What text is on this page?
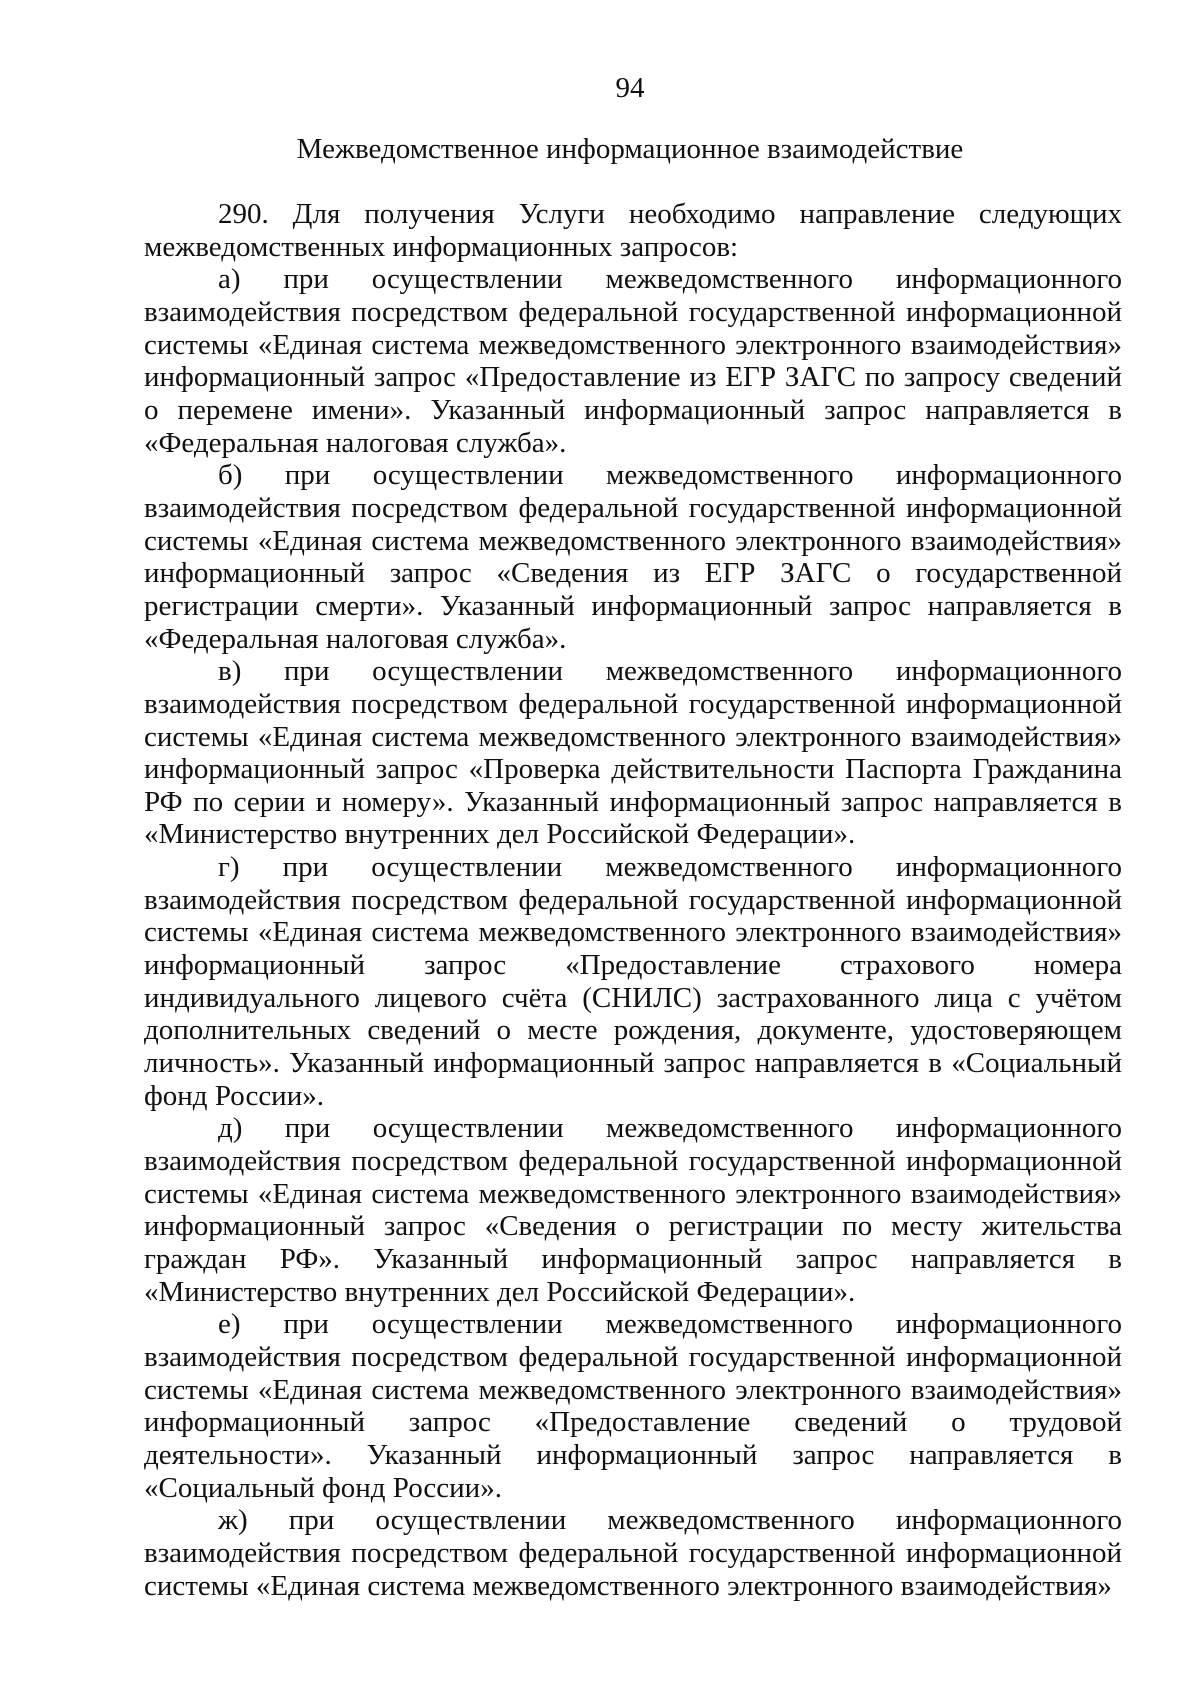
94
Межведомственное информационное взаимодействие

290. Для получения Услуги необходимо направление следующих межведомственных информационных запросов:

а) при осуществлении межведомственного информационного взаимодействия посредством федеральной государственной информационной системы «Единая система межведомственного электронного взаимодействия» информационный запрос «Предоставление из ЕГР ЗАГС по запросу сведений о перемене имени». Указанный информационный запрос направляется в «Федеральная налоговая служба».

б) при осуществлении межведомственного информационного взаимодействия посредством федеральной государственной информационной системы «Единая система межведомственного электронного взаимодействия» информационный запрос «Сведения из ЕГР ЗАГС о государственной регистрации смерти». Указанный информационный запрос направляется в «Федеральная налоговая служба».

в) при осуществлении межведомственного информационного взаимодействия посредством федеральной государственной информационной системы «Единая система межведомственного электронного взаимодействия» информационный запрос «Проверка действительности Паспорта Гражданина РФ по серии и номеру». Указанный информационный запрос направляется в «Министерство внутренних дел Российской Федерации».

г) при осуществлении межведомственного информационного взаимодействия посредством федеральной государственной информационной системы «Единая система межведомственного электронного взаимодействия» информационный запрос «Предоставление страхового номера индивидуального лицевого счёта (СНИЛС) застрахованного лица с учётом дополнительных сведений о месте рождения, документе, удостоверяющем личность». Указанный информационный запрос направляется в «Социальный фонд России».

д) при осуществлении межведомственного информационного взаимодействия посредством федеральной государственной информационной системы «Единая система межведомственного электронного взаимодействия» информационный запрос «Сведения о регистрации по месту жительства граждан РФ». Указанный информационный запрос направляется в «Министерство внутренних дел Российской Федерации».

е) при осуществлении межведомственного информационного взаимодействия посредством федеральной государственной информационной системы «Единая система межведомственного электронного взаимодействия» информационный запрос «Предоставление сведений о трудовой деятельности». Указанный информационный запрос направляется в «Социальный фонд России».

ж) при осуществлении межведомственного информационного взаимодействия посредством федеральной государственной информационной системы «Единая система межведомственного электронного взаимодействия»
